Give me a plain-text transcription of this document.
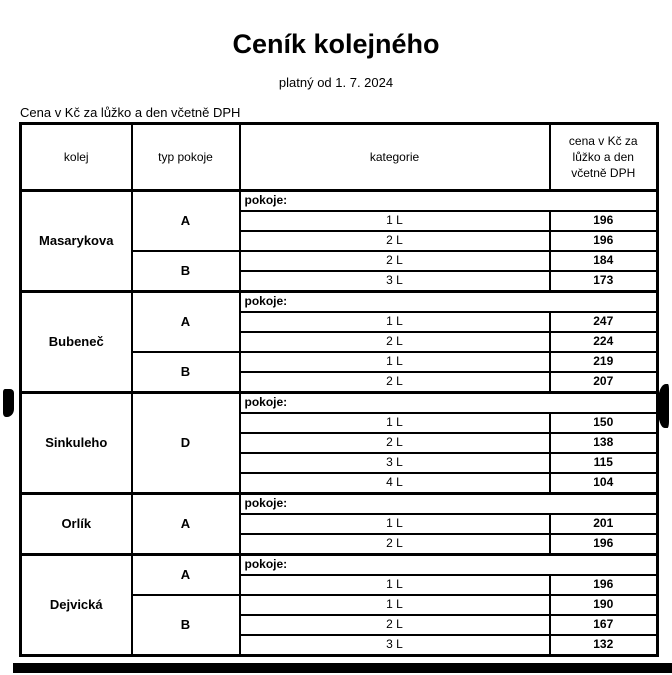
Ceník kolejného
platný od 1. 7. 2024
Cena v Kč za lůžko a den včetně DPH
kolej	typ pokoje	kategorie	cena v Kč za lůžko a den včetně DPH
Masarykova	A	pokoje:	
		1 L	196
		2 L	196
	B	2 L	184
		3 L	173
Bubeneč	A	pokoje:	
		1 L	247
		2 L	224
	B	1 L	219
		2 L	207
Sinkuleho	D	pokoje:	
		1 L	150
		2 L	138
		3 L	115
		4 L	104
Orlík	A	pokoje:	
		1 L	201
		2 L	196
Dejvická	A	pokoje:	
		1 L	196
	B	1 L	190
		2 L	167
		3 L	132
